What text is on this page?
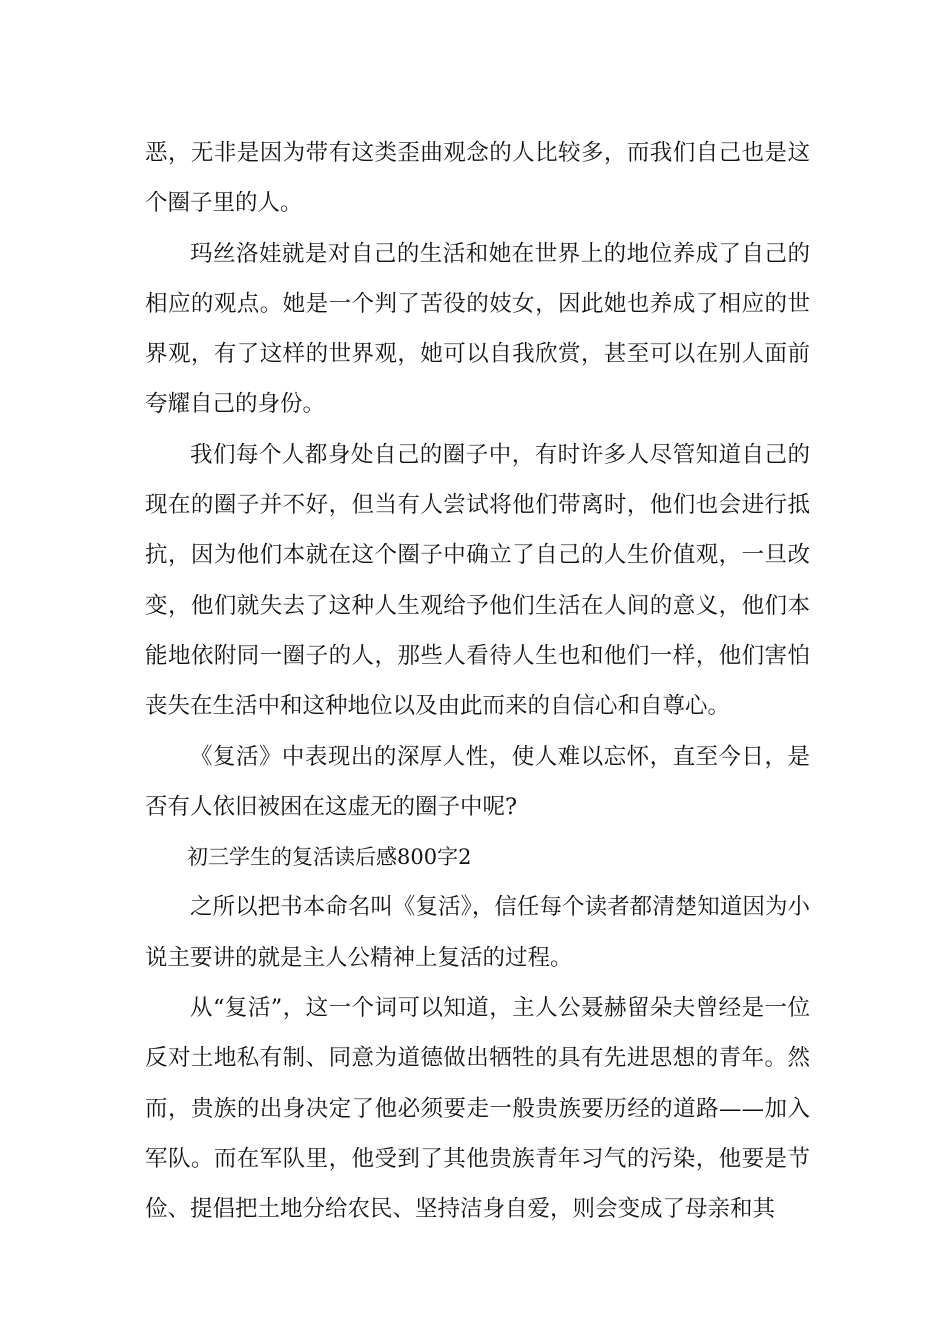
恶，无非是因为带有这类歪曲观念的人比较多，而我们自己也是这个圈子里的人。

玛丝洛娃就是对自己的生活和她在世界上的地位养成了自己的相应的观点。她是一个判了苦役的妓女，因此她也养成了相应的世界观，有了这样的世界观，她可以自我欣赏，甚至可以在别人面前夸耀自己的身份。

我们每个人都身处自己的圈子中，有时许多人尽管知道自己的现在的圈子并不好，但当有人尝试将他们带离时，他们也会进行抵抗，因为他们本就在这个圈子中确立了自己的人生价值观，一旦改变，他们就失去了这种人生观给予他们生活在人间的意义，他们本能地依附同一圈子的人，那些人看待人生也和他们一样，他们害怕丧失在生活中和这种地位以及由此而来的自信心和自尊心。

《复活》中表现出的深厚人性，使人难以忘怀，直至今日，是否有人依旧被困在这虚无的圈子中呢?

初三学生的复活读后感800字2

之所以把书本命名叫《复活》，信任每个读者都清楚知道因为小说主要讲的就是主人公精神上复活的过程。

从“复活”，这一个词可以知道，主人公聂赫留朵夫曾经是一位反对土地私有制、同意为道德做出牺牲的具有先进思想的青年。然而，贵族的出身决定了他必须要走一般贵族要历经的道路——加入军队。而在军队里，他受到了其他贵族青年习气的污染，他要是节俭、提倡把土地分给农民、坚持洁身自爱，则会变成了母亲和其
